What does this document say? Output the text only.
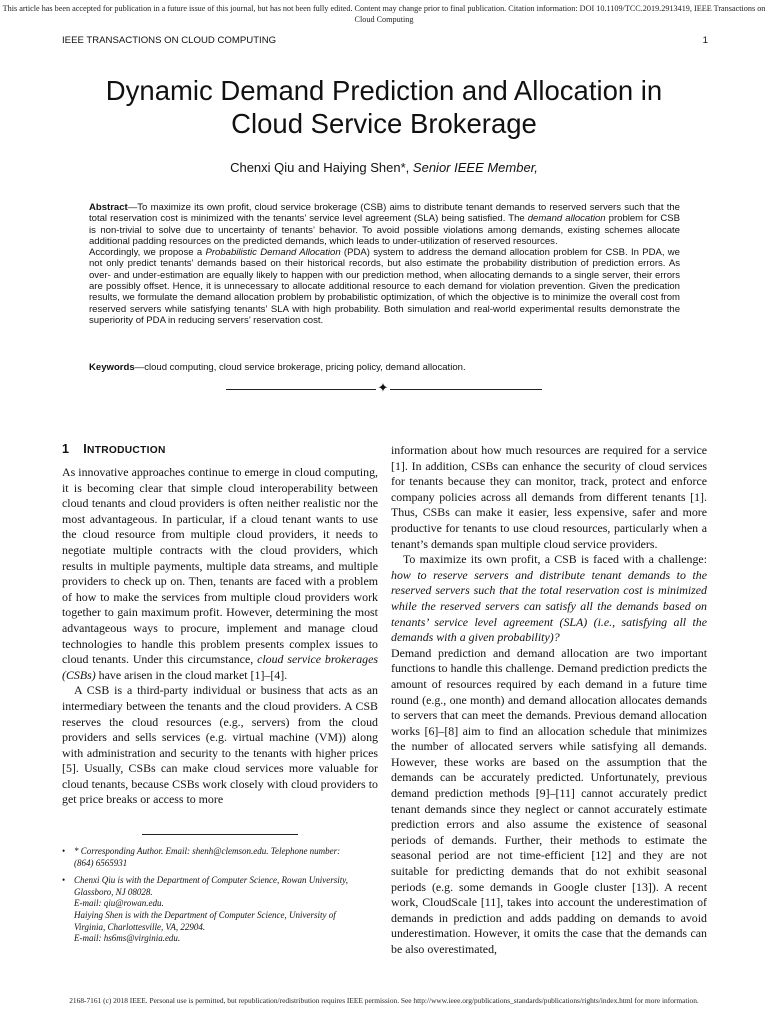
This article has been accepted for publication in a future issue of this journal, but has not been fully edited. Content may change prior to final publication. Citation information: DOI 10.1109/TCC.2019.2913419, IEEE Transactions on Cloud Computing
IEEE TRANSACTIONS ON CLOUD COMPUTING	1
Dynamic Demand Prediction and Allocation in
Cloud Service Brokerage
Chenxi Qiu and Haiying Shen*, Senior IEEE Member,

Abstract—To maximize its own profit, cloud service brokerage (CSB) aims to distribute tenant demands to reserved servers such that the total reservation cost is minimized with the tenants’ service level agreement (SLA) being satisfied. The demand allocation problem for CSB is non-trivial to solve due to uncertainty of tenants’ behavior. To avoid possible violations among demands, existing schemes allocate additional padding resources on the predicted demands, which leads to under-utilization of reserved resources.

Accordingly, we propose a Probabilistic Demand Allocation (PDA) system to address the demand allocation problem for CSB. In PDA, we not only predict tenants’ demands based on their historical records, but also estimate the probability distribution of prediction errors. As over- and under-estimation are equally likely to happen with our prediction method, when allocating demands to a single server, their errors are possibly offset. Hence, it is unnecessary to allocate additional resource to each demand for violation prevention. Given the predication results, we formulate the demand allocation problem by probabilistic optimization, of which the objective is to minimize the overall cost from reserved servers while satisfying tenants’ SLA with high probability. Both simulation and real-world experimental results demonstrate the superiority of PDA in reducing servers’ reservation cost.

Keywords—cloud computing, cloud service brokerage, pricing policy, demand allocation.
✦
1 INTRODUCTION

As innovative approaches continue to emerge in cloud computing, it is becoming clear that simple cloud interoperability between cloud tenants and cloud providers is often neither realistic nor the most advantageous. In particular, if a cloud tenant wants to use the cloud resource from multiple cloud providers, it needs to negotiate multiple contracts with the cloud providers, which results in multiple payments, multiple data streams, and multiple providers to check up on. Then, tenants are faced with a problem of how to make the services from multiple cloud providers work together to gain maximum profit. However, determining the most advantageous ways to procure, implement and manage cloud technologies to handle this problem presents complex issues to cloud tenants. Under this circumstance, cloud service brokerages (CSBs) have arisen in the cloud market [1]–[4].

A CSB is a third-party individual or business that acts as an intermediary between the tenants and the cloud providers. A CSB reserves the cloud resources (e.g., servers) from the cloud providers and sells services (e.g. virtual machine (VM)) along with administration and security to the tenants with higher prices [5]. Usually, CSBs can make cloud services more valuable for cloud tenants, because CSBs work closely with cloud providers to get price breaks or access to more

information about how much resources are required for a service [1]. In addition, CSBs can enhance the security of cloud services for tenants because they can monitor, track, protect and enforce company policies across all demands from different tenants [1]. Thus, CSBs can make it easier, less expensive, safer and more productive for tenants to use cloud resources, particularly when a tenant’s demands span multiple cloud service providers.

To maximize its own profit, a CSB is faced with a challenge: how to reserve servers and distribute tenant demands to the reserved servers such that the total reservation cost is minimized while the reserved servers can satisfy all the demands based on tenants’ service level agreement (SLA) (i.e., satisfying all the demands with a given probability)?

Demand prediction and demand allocation are two important functions to handle this challenge. Demand prediction predicts the amount of resources required by each demand in a future time round (e.g., one month) and demand allocation allocates demands to servers that can meet the demands. Previous demand allocation works [6]–[8] aim to find an allocation schedule that minimizes the number of allocated servers while satisfying all demands. However, these works are based on the assumption that the demands can be accurately predicted. Unfortunately, previous demand prediction methods [9]–[11] cannot accurately predict tenant demands since they neglect or cannot accurately estimate prediction errors and also assume the existence of seasonal periods of demands. Further, their methods to estimate the seasonal period are not time-efficient [12] and they are not suitable for predicting demands that do not exhibit seasonal periods (e.g. some demands in Google cluster [13]). A recent work, CloudScale [11], takes into account the underestimation of demands in prediction and adds padding on demands to avoid underestimation. However, it omits the case that the demands can be also overestimated,

• * Corresponding Author. Email: shenh@clemson.edu. Telephone number:
(864) 6565931
• Chenxi Qiu is with the Department of Computer Science, Rowan University,
Glassboro, NJ 08028.
E-mail: qiu@rowan.edu.
Haiying Shen is with the Department of Computer Science, University of
Virginia, Charlottesville, VA, 22904.
E-mail: hs6ms@virginia.edu.
2168-7161 (c) 2018 IEEE. Personal use is permitted, but republication/redistribution requires IEEE permission. See http://www.ieee.org/publications_standards/publications/rights/index.html for more information.
